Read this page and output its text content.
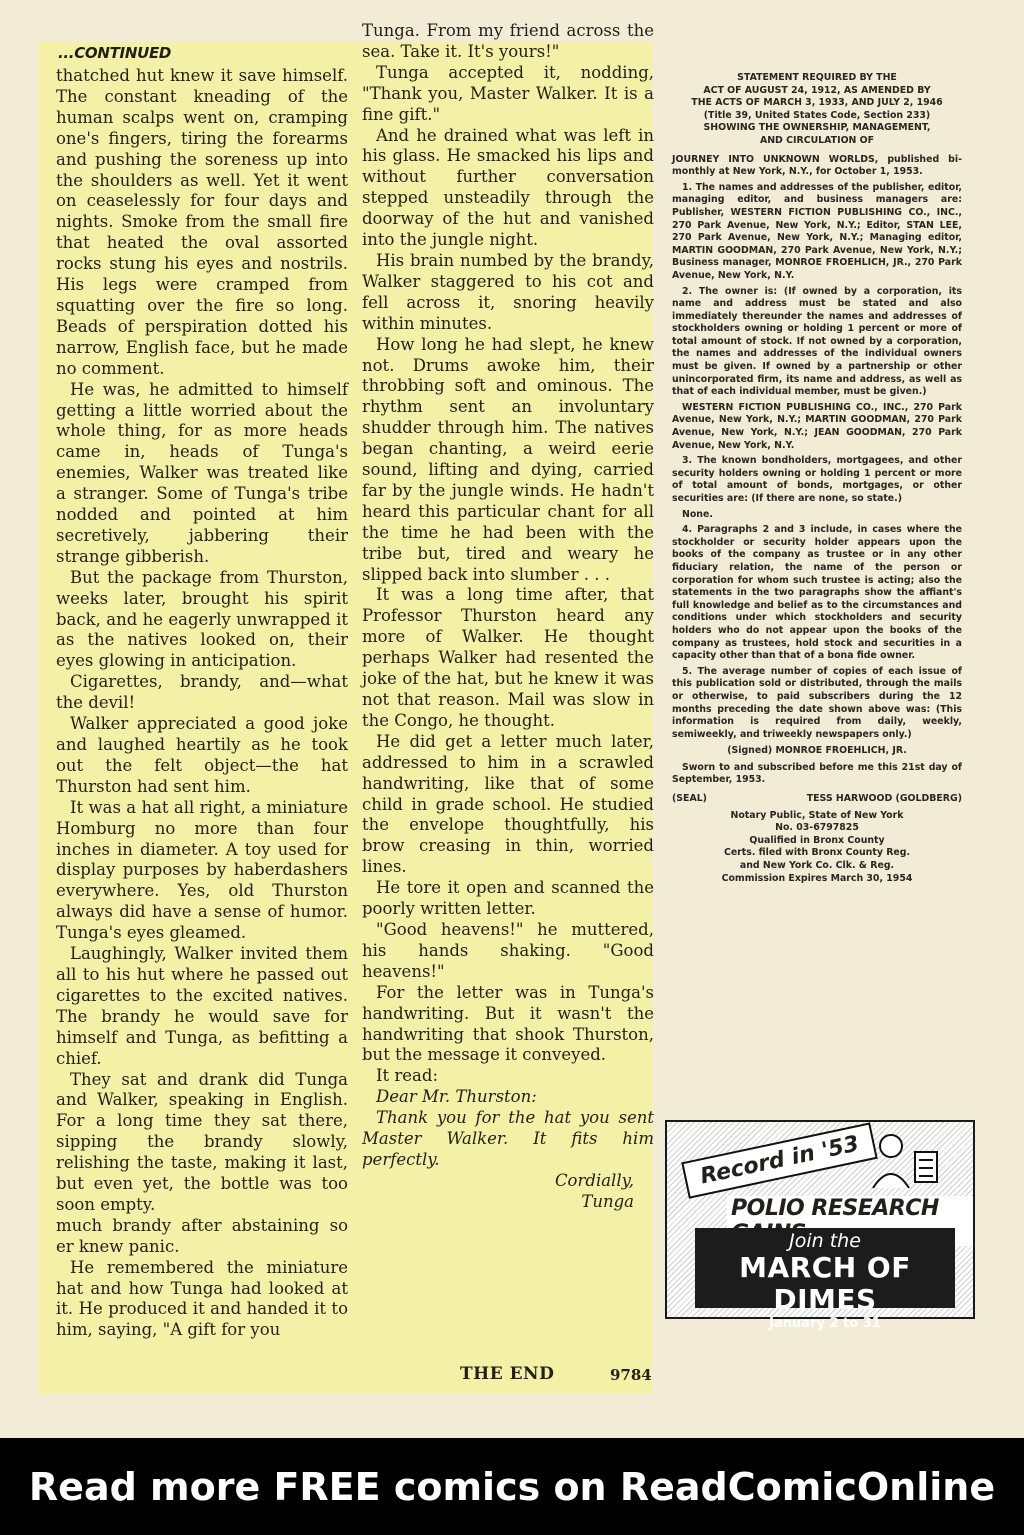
...CONTINUED

thatched hut knew it save himself. The constant kneading of the human scalps went on, cramping one's fingers, tiring the forearms and pushing the soreness up into the shoulders as well. Yet it went on ceaselessly for four days and nights. Smoke from the small fire that heated the oval assorted rocks stung his eyes and nostrils. His legs were cramped from squatting over the fire so long. Beads of perspiration dotted his narrow, English face, but he made no comment.

He was, he admitted to himself getting a little worried about the whole thing, for as more heads came in, heads of Tunga's enemies, Walker was treated like a stranger. Some of Tunga's tribe nodded and pointed at him secretively, jabbering their strange gibberish.

But the package from Thurston, weeks later, brought his spirit back, and he eagerly unwrapped it as the natives looked on, their eyes glowing in anticipation.

Cigarettes, brandy, and—what the devil!

Walker appreciated a good joke and laughed heartily as he took out the felt object—the hat Thurston had sent him.

It was a hat all right, a miniature Homburg no more than four inches in diameter. A toy used for display purposes by haberdashers everywhere. Yes, old Thurston always did have a sense of humor. Tunga's eyes gleamed.

Laughingly, Walker invited them all to his hut where he passed out cigarettes to the excited natives. The brandy he would save for himself and Tunga, as befitting a chief.

They sat and drank did Tunga and Walker, speaking in English. For a long time they sat there, sipping the brandy slowly, relishing the taste, making it last, but even yet, the bottle was too soon empty.

much brandy after abstaining so er knew panic.

He remembered the miniature hat and how Tunga had looked at it. He produced it and handed it to him, saying, "A gift for you

Tunga. From my friend across the sea. Take it. It's yours!"

Tunga accepted it, nodding, "Thank you, Master Walker. It is a fine gift."

And he drained what was left in his glass. He smacked his lips and without further conversation stepped unsteadily through the doorway of the hut and vanished into the jungle night.

His brain numbed by the brandy, Walker staggered to his cot and fell across it, snoring heavily within minutes.

How long he had slept, he knew not. Drums awoke him, their throbbing soft and ominous. The rhythm sent an involuntary shudder through him. The natives began chanting, a weird eerie sound, lifting and dying, carried far by the jungle winds. He hadn't heard this particular chant for all the time he had been with the tribe but, tired and weary he slipped back into slumber . . .

It was a long time after, that Professor Thurston heard any more of Walker. He thought perhaps Walker had resented the joke of the hat, but he knew it was not that reason. Mail was slow in the Congo, he thought.

He did get a letter much later, addressed to him in a scrawled handwriting, like that of some child in grade school. He studied the envelope thoughtfully, his brow creasing in thin, worried lines.

He tore it open and scanned the poorly written letter.

"Good heavens!" he muttered, his hands shaking. "Good heavens!"

For the letter was in Tunga's handwriting. But it wasn't the handwriting that shook Thurston, but the message it conveyed.

It read:

Dear Mr. Thurston:

Thank you for the hat you sent Master Walker. It fits him perfectly.

Cordially,

Tunga

THE END	9784
STATEMENT REQUIRED BY THE
ACT OF AUGUST 24, 1912, AS AMENDED BY
THE ACTS OF MARCH 3, 1933, AND JULY 2, 1946
(Title 39, United States Code, Section 233)
SHOWING THE OWNERSHIP, MANAGEMENT,
AND CIRCULATION OF

JOURNEY INTO UNKNOWN WORLDS, published bi-monthly at New York, N.Y., for October 1, 1953.

1. The names and addresses of the publisher, editor, managing editor, and business managers are: Publisher, WESTERN FICTION PUBLISHING CO., INC., 270 Park Avenue, New York, N.Y.; Editor, STAN LEE, 270 Park Avenue, New York, N.Y.; Managing editor, MARTIN GOODMAN, 270 Park Avenue, New York, N.Y.; Business manager, MONROE FROEHLICH, JR., 270 Park Avenue, New York, N.Y.

2. The owner is: (If owned by a corporation, its name and address must be stated and also immediately thereunder the names and addresses of stockholders owning or holding 1 percent or more of total amount of stock. If not owned by a corporation, the names and addresses of the individual owners must be given. If owned by a partnership or other unincorporated firm, its name and address, as well as that of each individual member, must be given.)

WESTERN FICTION PUBLISHING CO., INC., 270 Park Avenue, New York, N.Y.; MARTIN GOODMAN, 270 Park Avenue, New York, N.Y.; JEAN GOODMAN, 270 Park Avenue, New York, N.Y.

3. The known bondholders, mortgagees, and other security holders owning or holding 1 percent or more of total amount of bonds, mortgages, or other securities are: (If there are none, so state.)

None.

4. Paragraphs 2 and 3 include, in cases where the stockholder or security holder appears upon the books of the company as trustee or in any other fiduciary relation, the name of the person or corporation for whom such trustee is acting; also the statements in the two paragraphs show the affiant's full knowledge and belief as to the circumstances and conditions under which stockholders and security holders who do not appear upon the books of the company as trustees, hold stock and securities in a capacity other than that of a bona fide owner.

5. The average number of copies of each issue of this publication sold or distributed, through the mails or otherwise, to paid subscribers during the 12 months preceding the date shown above was: (This information is required from daily, weekly, semiweekly, and triweekly newspapers only.)

(Signed) MONROE FROEHLICH, JR.

Sworn to and subscribed before me this 21st day of September, 1953.

(SEAL)	TESS HARWOOD (GOLDBERG)
Notary Public, State of New York
No. 03-6797825
Qualified in Bronx County
Certs. filed with Bronx County Reg.
and New York Co. Clk. & Reg.
Commission Expires March 30, 1954
Record in '53
POLIO RESEARCH
Join the
MARCH OF DIMES
January 2 to 31
Read more FREE comics on ReadComicOnline
